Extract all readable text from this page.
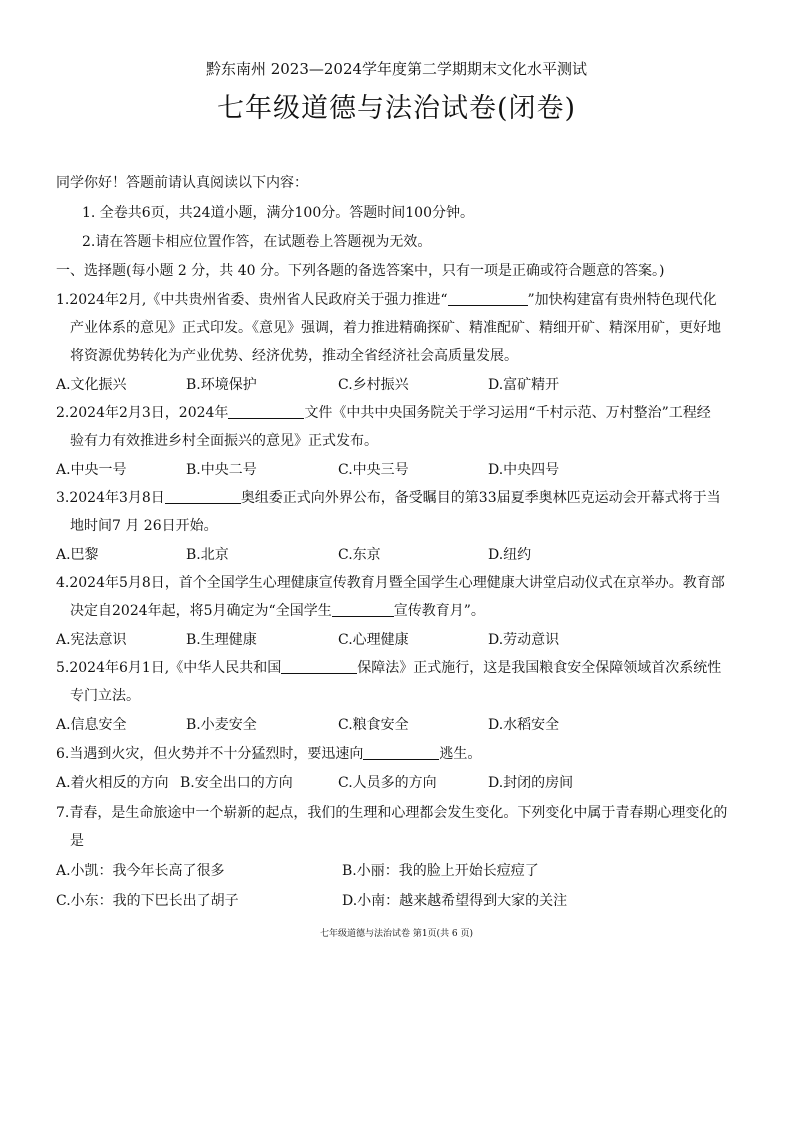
黔东南州 2023—2024学年度第二学期期末文化水平测试
七年级道德与法治试卷(闭卷)
同学你好！答题前请认真阅读以下内容：
1. 全卷共6页，共24道小题，满分100分。答题时间100分钟。
2.请在答题卡相应位置作答，在试题卷上答题视为无效。
一、选择题(每小题 2 分，共 40 分。下列各题的备选答案中，只有一项是正确或符合题意的答案。)
1.2024年2月,《中共贵州省委、贵州省人民政府关于强力推进“	”加快构建富有贵州特色现代化
产业体系的意见》正式印发。《意见》强调，着力推进精确探矿、精准配矿、精细开矿、精深用矿，更好地
将资源优势转化为产业优势、经济优势，推动全省经济社会高质量发展。
A.文化振兴	B.环境保护	C.乡村振兴	D.富矿精开
2.2024年2月3日，2024年	文件《中共中央国务院关于学习运用“千村示范、万村整治”工程经
验有力有效推进乡村全面振兴的意见》正式发布。
A.中央一号	B.中央二号	C.中央三号	D.中央四号
3.2024年3月8日	奥组委正式向外界公布，备受瞩目的第33届夏季奥林匹克运动会开幕式将于当
地时间7 月 26日开始。
A.巴黎	B.北京	C.东京	D.纽约
4.2024年5月8日，首个全国学生心理健康宣传教育月暨全国学生心理健康大讲堂启动仪式在京举办。教育部
决定自2024年起，将5月确定为“全国学生	宣传教育月”。
A.宪法意识	B.生理健康	C.心理健康	D.劳动意识
5.2024年6月1日,《中华人民共和国	保障法》正式施行，这是我国粮食安全保障领域首次系统性
专门立法。
A.信息安全	B.小麦安全	C.粮食安全	D.水稻安全
6.当遇到火灾，但火势并不十分猛烈时，要迅速向	逃生。
A.着火相反的方向 B.安全出口的方向	C.人员多的方向	D.封闭的房间
7.青春，是生命旅途中一个崭新的起点，我们的生理和心理都会发生变化。下列变化中属于青春期心理变化的
是
A.小凯：我今年长高了很多	B.小丽：我的脸上开始长痘痘了
C.小东：我的下巴长出了胡子	D.小南：越来越希望得到大家的关注
七年级道德与法治试卷 第1页(共 6 页)
